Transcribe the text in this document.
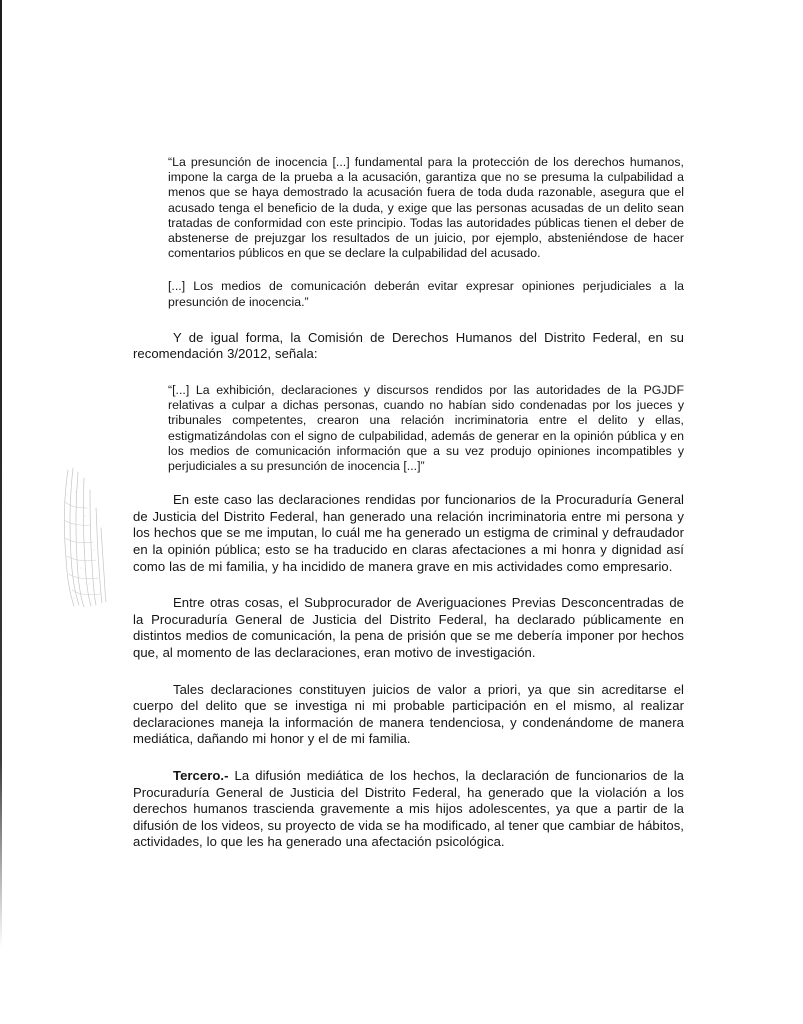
“La presunción de inocencia [...] fundamental para la protección de los derechos humanos, impone la carga de la prueba a la acusación, garantiza que no se presuma la culpabilidad a menos que se haya demostrado la acusación fuera de toda duda razonable, asegura que el acusado tenga el beneficio de la duda, y exige que las personas acusadas de un delito sean tratadas de conformidad con este principio. Todas las autoridades públicas tienen el deber de abstenerse de prejuzgar los resultados de un juicio, por ejemplo, absteniéndose de hacer comentarios públicos en que se declare la culpabilidad del acusado.

[...] Los medios de comunicación deberán evitar expresar opiniones perjudiciales a la presunción de inocencia.”

Y de igual forma, la Comisión de Derechos Humanos del Distrito Federal, en su recomendación 3/2012, señala:

“[...] La exhibición, declaraciones y discursos rendidos por las autoridades de la PGJDF relativas a culpar a dichas personas, cuando no habían sido condenadas por los jueces y tribunales competentes, crearon una relación incriminatoria entre el delito y ellas, estigmatizándolas con el signo de culpabilidad, además de generar en la opinión pública y en los medios de comunicación información que a su vez produjo opiniones incompatibles y perjudiciales a su presunción de inocencia [...]”

En este caso las declaraciones rendidas por funcionarios de la Procuraduría General de Justicia del Distrito Federal, han generado una relación incriminatoria entre mi persona y los hechos que se me imputan, lo cuál me ha generado un estigma de criminal y defraudador en la opinión pública; esto se ha traducido en claras afectaciones a mi honra y dignidad así como las de mi familia, y ha incidido de manera grave en mis actividades como empresario.

Entre otras cosas, el Subprocurador de Averiguaciones Previas Desconcentradas de la Procuraduría General de Justicia del Distrito Federal, ha declarado públicamente en distintos medios de comunicación, la pena de prisión que se me debería imponer por hechos que, al momento de las declaraciones, eran motivo de investigación.

Tales declaraciones constituyen juicios de valor a priori, ya que sin acreditarse el cuerpo del delito que se investiga ni mi probable participación en el mismo, al realizar declaraciones maneja la información de manera tendenciosa, y condenándome de manera mediática, dañando mi honor y el de mi familia.

Tercero.- La difusión mediática de los hechos, la declaración de funcionarios de la Procuraduría General de Justicia del Distrito Federal, ha generado que la violación a los derechos humanos trascienda gravemente a mis hijos adolescentes, ya que a partir de la difusión de los videos, su proyecto de vida se ha modificado, al tener que cambiar de hábitos, actividades, lo que les ha generado una afectación psicológica.
